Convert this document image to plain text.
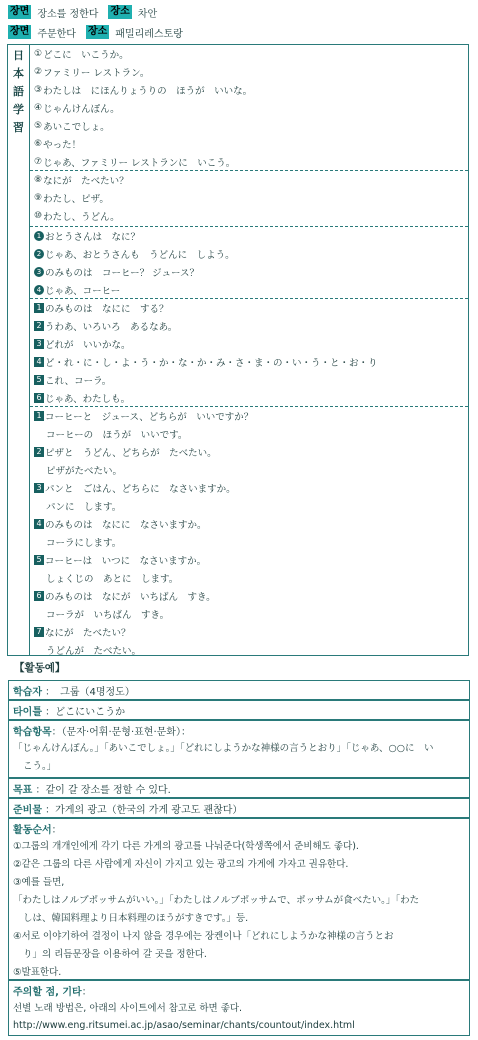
장면 장소를 정한다 장소 차안
장면 주문한다 장소 패밀리레스토랑
日
本
語
学
習
① どこに　いこうか。
② ファミリー レストラン。
③ わたしは　にほんりょうりの　ほうが　いいな。
④ じゃんけんぽん。
⑤ あいこでしょ。
⑥ やった！
⑦ じゃあ、ファミリー レストランに　いこう。
⑧ なにが　たべたい？
⑨ わたし、ピザ。
⑩ わたし、うどん。
1 おとうさんは　なに？
2 じゃあ、おとうさんも　うどんに　しよう。
3 のみものは　コーヒー？ ジュース？
4 じゃあ、コーヒー
1 のみものは　なにに　する？
2 うわあ、いろいろ　あるなあ。
3 どれが　いいかな。
4 ど・れ・に・し・よ・う・か・な・か・み・さ・ま・の・い・う・と・お・り
5 これ、コーラ。
6 じゃあ、わたしも。
1 コーヒーと　ジュース、どちらが　いいですか？
コーヒーの　ほうが　いいです。
2 ピザと　うどん、どちらが　たべたい。
ピザがたべたい。
3 パンと　ごはん、どちらに　なさいますか。
パンに　します。
4 のみものは　なにに　なさいますか。
コーラにします。
5 コーヒーは　いつに　なさいますか。
しょくじの　あとに　します。
6 のみものは　なにが　いちばん　すき。
コーラが　いちばん　すき。
7 なにが　たべたい？
うどんが　たべたい。
【활동예】
학습자 ：　그룹（4명정도）
타이틀 ：どこにいこうか
학습항목：（문자·어휘·문형·표현·문화）：
「じゃんけんぽん。」「あいこでしょ。」「どれにしようかな神様の言うとおり」「じゃあ、○○に　い
こう。」
목표 ：같이 갈 장소를 정할 수 있다.
준비물 ：가게의 광고（한국의 가게 광고도 괜찮다）
활동순서：
①그룹의 개개인에게 각기 다른 가게의 광고를 나눠준다(학생쪽에서 준비해도 좋다).
②같은 그룹의 다른 사람에게 자신이 가지고 있는 광고의 가게에 가자고 권유한다.
③예를 들면,
「わたしはノルブポッサムがいい。」「わたしはノルブポッサムで、ポッサムが食べたい。」「わた
しは、韓国料理より日本料理のほうがすきです。」등.
④서로 이야기하여 결정이 나지 않을 경우에는 장켄이나「どれにしようかな神様の言うとお
り」의 리듬문장을 이용하여 갈 곳을 정한다.
⑤발표한다.
주의할 점, 기타：
선별 노래 방법은, 아래의 사이트에서 참고로 하면 좋다.
http://www.eng.ritsumei.ac.jp/asao/seminar/chants/countout/index.html
